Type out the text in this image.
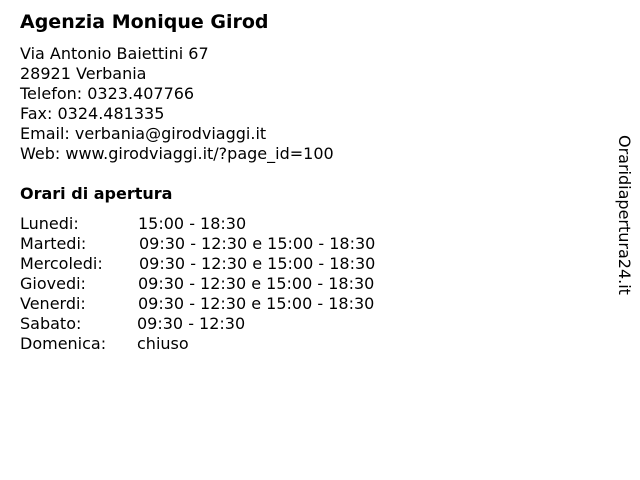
Agenzia Monique Girod
Via Antonio Baiettini 67
28921 Verbania
Telefon: 0323.407766
Fax: 0324.481335
Email: verbania@girodviaggi.it
Web: www.girodviaggi.it/?page_id=100
Orari di apertura
Lunedi:	15:00 - 18:30
Martedi:	09:30 - 12:30 e 15:00 - 18:30
Mercoledi: 09:30 - 12:30 e 15:00 - 18:30
Giovedi:	09:30 - 12:30 e 15:00 - 18:30
Venerdi:	09:30 - 12:30 e 15:00 - 18:30
Sabato:	09:30 - 12:30
Domenica: chiuso
Oraridiapertura24.it
